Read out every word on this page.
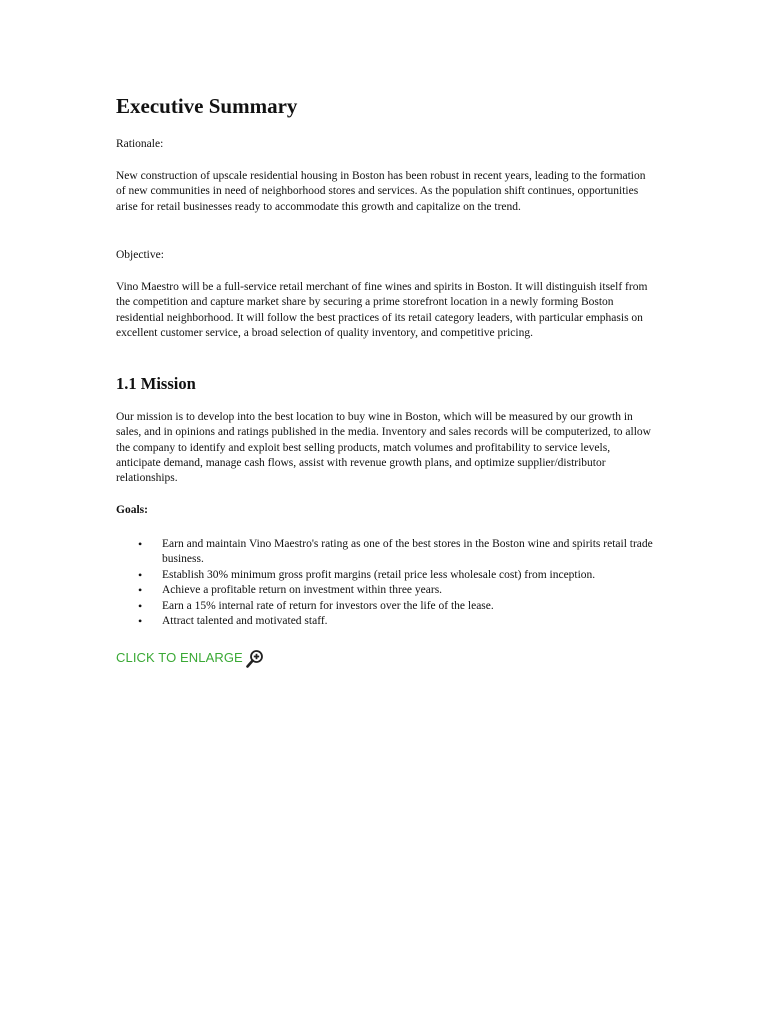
Executive Summary

Rationale:

New construction of upscale residential housing in Boston has been robust in recent years, leading to the formation of new communities in need of neighborhood stores and services. As the population shift continues, opportunities arise for retail businesses ready to accommodate this growth and capitalize on the trend.

Objective:

Vino Maestro will be a full-service retail merchant of fine wines and spirits in Boston. It will distinguish itself from the competition and capture market share by securing a prime storefront location in a newly forming Boston residential neighborhood. It will follow the best practices of its retail category leaders, with particular emphasis on excellent customer service, a broad selection of quality inventory, and competitive pricing.

1.1 Mission

Our mission is to develop into the best location to buy wine in Boston, which will be measured by our growth in sales, and in opinions and ratings published in the media. Inventory and sales records will be computerized, to allow the company to identify and exploit best selling products, match volumes and profitability to service levels, anticipate demand, manage cash flows, assist with revenue growth plans, and optimize supplier/distributor relationships.

Goals:

• Earn and maintain Vino Maestro's rating as one of the best stores in the Boston wine and spirits retail trade business.
• Establish 30% minimum gross profit margins (retail price less wholesale cost) from inception.
• Achieve a profitable return on investment within three years.
• Earn a 15% internal rate of return for investors over the life of the lease.
• Attract talented and motivated staff.
CLICK TO ENLARGE
